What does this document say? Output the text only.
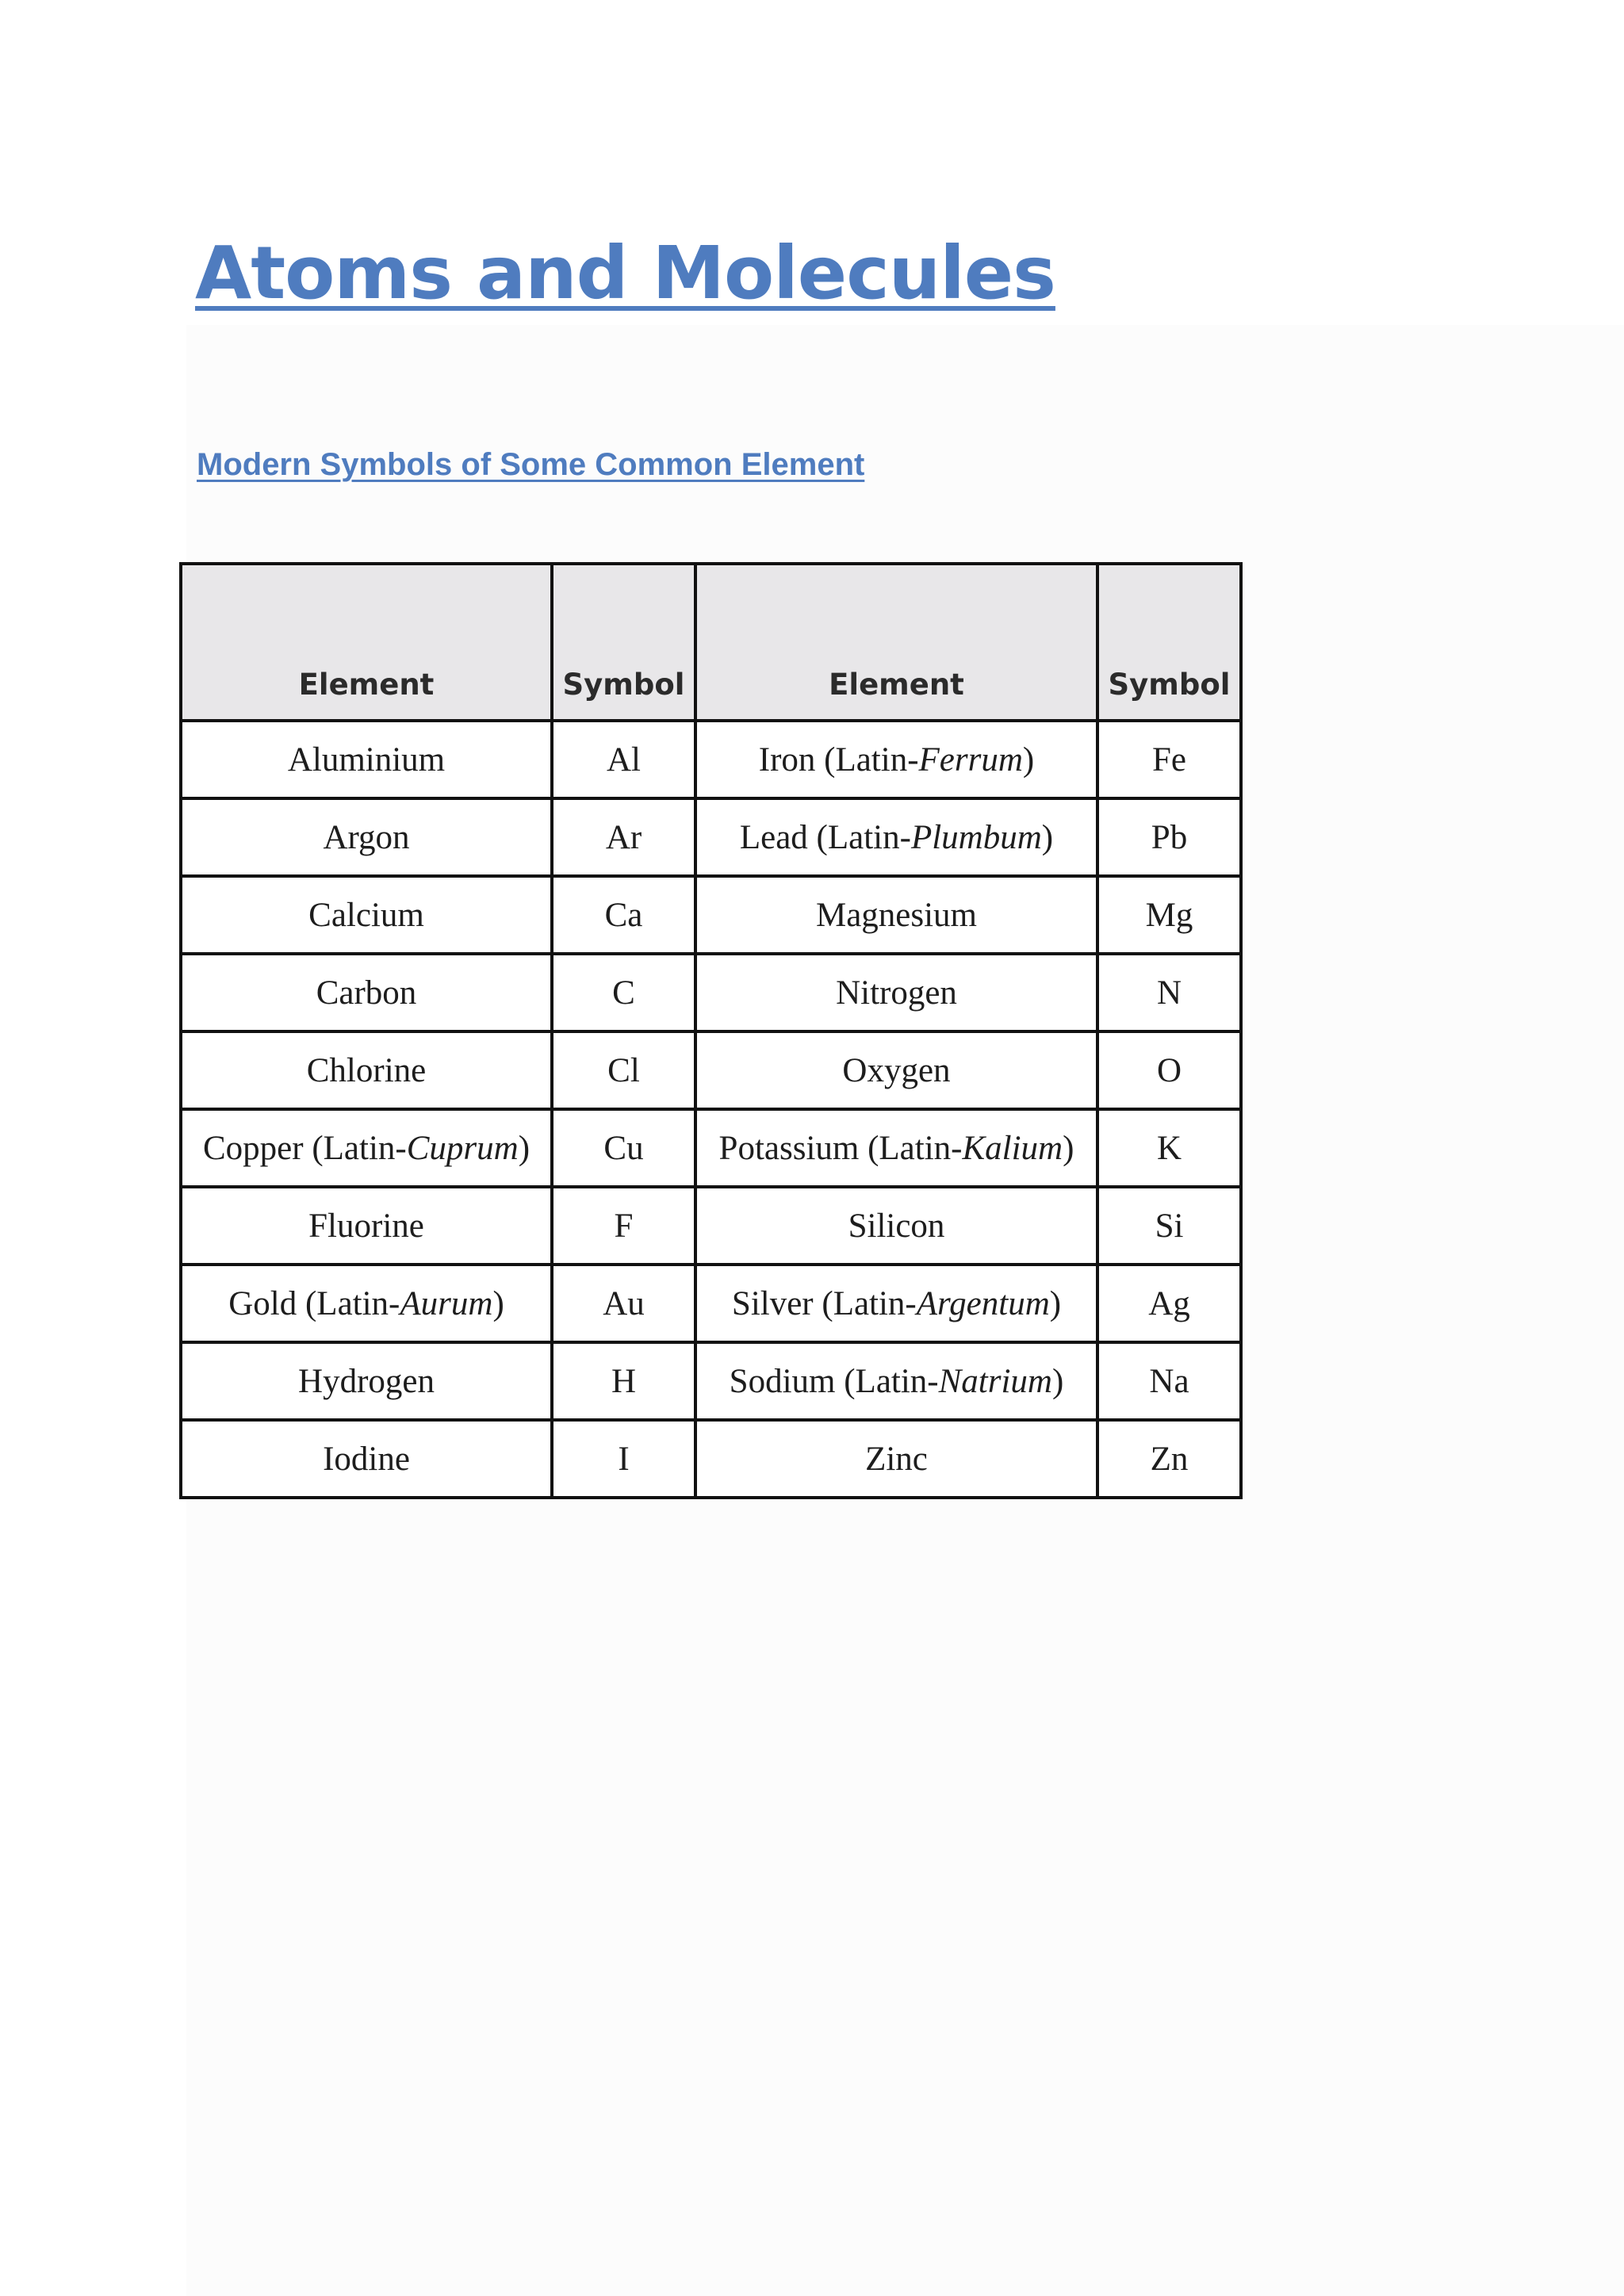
Atoms and Molecules
Modern Symbols of Some Common Element
Element	Symbol	Element	Symbol
Aluminium	Al	Iron (Latin-Ferrum)	Fe
Argon	Ar	Lead (Latin-Plumbum)	Pb
Calcium	Ca	Magnesium	Mg
Carbon	C	Nitrogen	N
Chlorine	Cl	Oxygen	O
Copper (Latin-Cuprum)	Cu	Potassium (Latin-Kalium)	K
Fluorine	F	Silicon	Si
Gold (Latin-Aurum)	Au	Silver (Latin-Argentum)	Ag
Hydrogen	H	Sodium (Latin-Natrium)	Na
Iodine	I	Zinc	Zn
